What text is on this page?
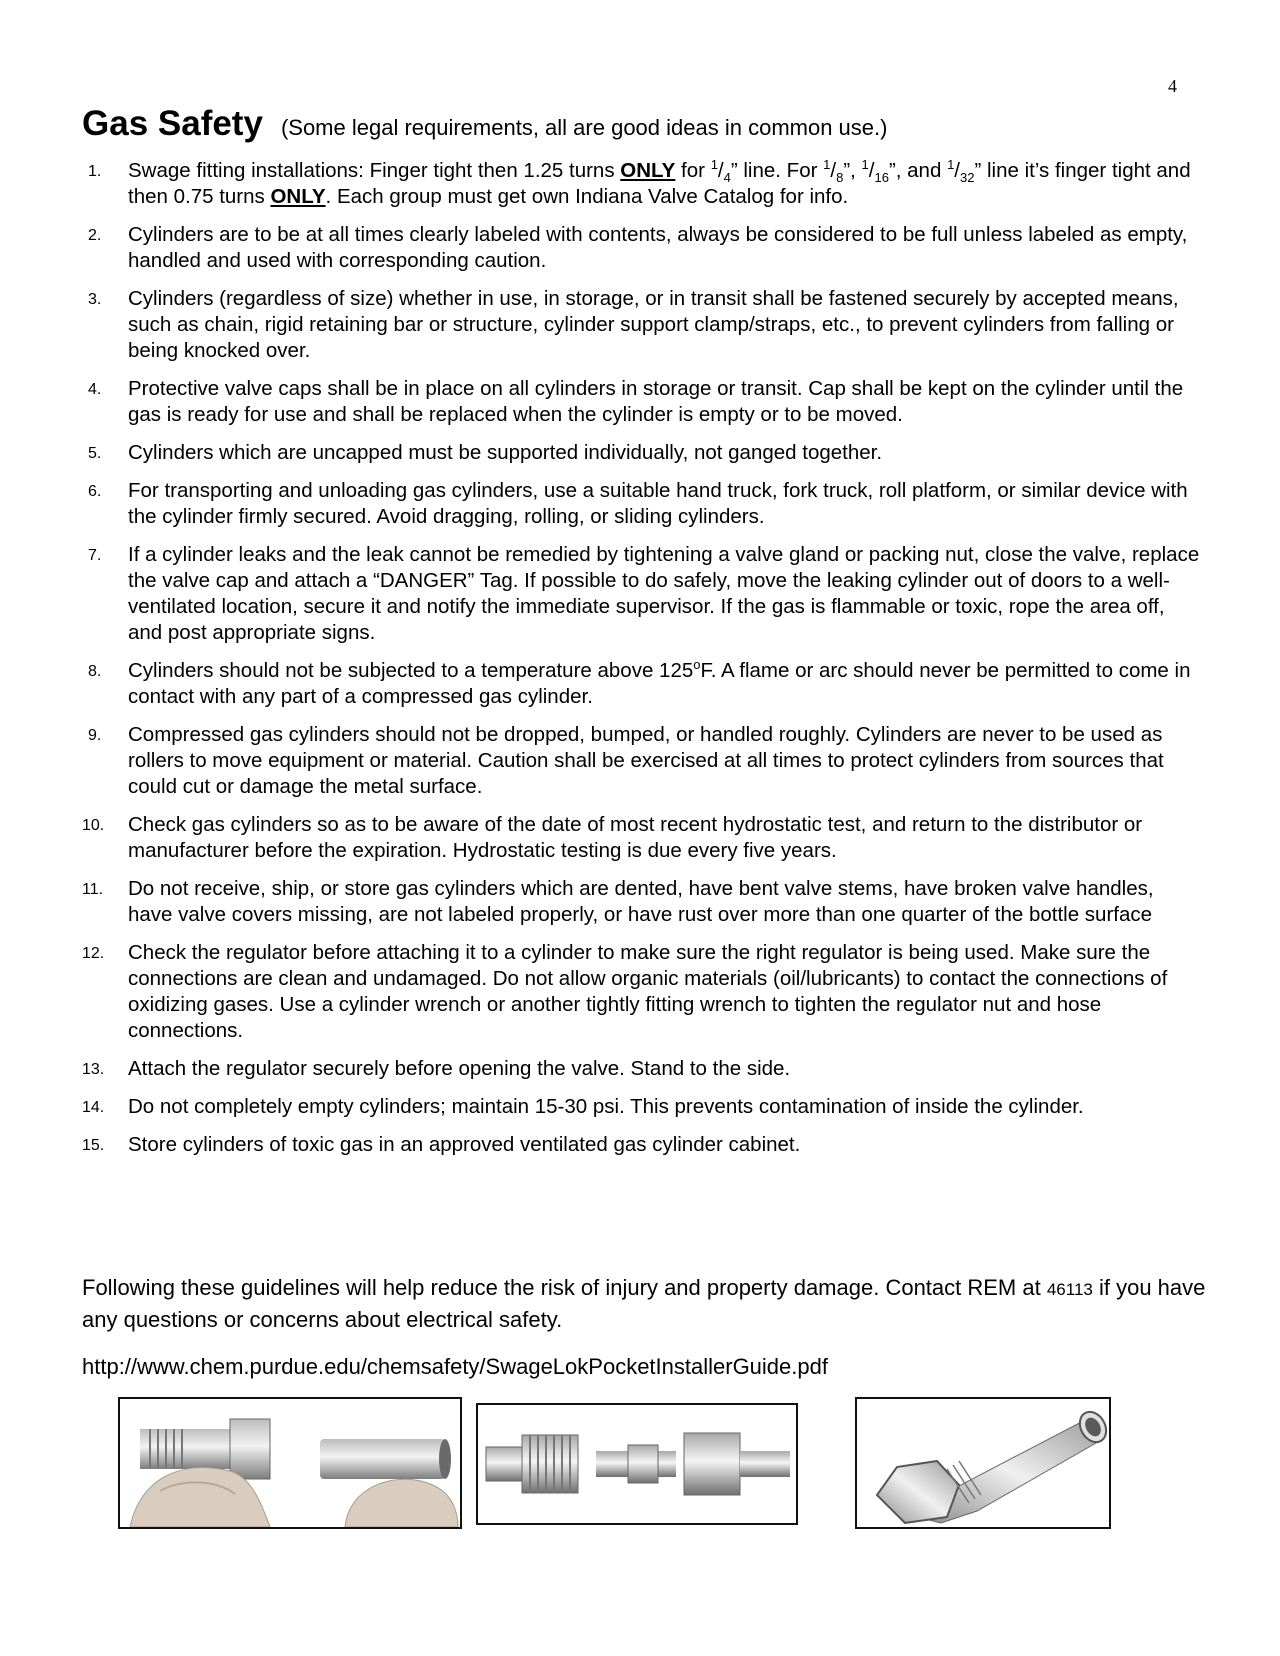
4
Gas Safety (Some legal requirements, all are good ideas in common use.)
1. Swage fitting installations: Finger tight then 1.25 turns ONLY for $^1/_4$” line. For $^1/_8$”, $^1/_{16}$”, and $^1/_{32}$” line it’s finger tight and then 0.75 turns ONLY. Each group must get own Indiana Valve Catalog for info.
2. Cylinders are to be at all times clearly labeled with contents, always be considered to be full unless labeled as empty, handled and used with corresponding caution.
3. Cylinders (regardless of size) whether in use, in storage, or in transit shall be fastened securely by accepted means, such as chain, rigid retaining bar or structure, cylinder support clamp/straps, etc., to prevent cylinders from falling or being knocked over.
4. Protective valve caps shall be in place on all cylinders in storage or transit. Cap shall be kept on the cylinder until the gas is ready for use and shall be replaced when the cylinder is empty or to be moved.
5. Cylinders which are uncapped must be supported individually, not ganged together.
6. For transporting and unloading gas cylinders, use a suitable hand truck, fork truck, roll platform, or similar device with the cylinder firmly secured. Avoid dragging, rolling, or sliding cylinders.
7. If a cylinder leaks and the leak cannot be remedied by tightening a valve gland or packing nut, close the valve, replace the valve cap and attach a “DANGER” Tag. If possible to do safely, move the leaking cylinder out of doors to a well-ventilated location, secure it and notify the immediate supervisor. If the gas is flammable or toxic, rope the area off, and post appropriate signs.
8. Cylinders should not be subjected to a temperature above 125$^o$F. A flame or arc should never be permitted to come in contact with any part of a compressed gas cylinder.
9. Compressed gas cylinders should not be dropped, bumped, or handled roughly. Cylinders are never to be used as rollers to move equipment or material. Caution shall be exercised at all times to protect cylinders from sources that could cut or damage the metal surface.
10. Check gas cylinders so as to be aware of the date of most recent hydrostatic test, and return to the distributor or manufacturer before the expiration. Hydrostatic testing is due every five years.
11. Do not receive, ship, or store gas cylinders which are dented, have bent valve stems, have broken valve handles, have valve covers missing, are not labeled properly, or have rust over more than one quarter of the bottle surface
12. Check the regulator before attaching it to a cylinder to make sure the right regulator is being used. Make sure the connections are clean and undamaged. Do not allow organic materials (oil/lubricants) to contact the connections of oxidizing gases. Use a cylinder wrench or another tightly fitting wrench to tighten the regulator nut and hose connections.
13. Attach the regulator securely before opening the valve. Stand to the side.
14. Do not completely empty cylinders; maintain 15-30 psi. This prevents contamination of inside the cylinder.
15. Store cylinders of toxic gas in an approved ventilated gas cylinder cabinet.

Following these guidelines will help reduce the risk of injury and property damage. Contact REM at 46113 if you have any questions or concerns about electrical safety.

http://www.chem.purdue.edu/chemsafety/SwageLokPocketInstallerGuide.pdf
